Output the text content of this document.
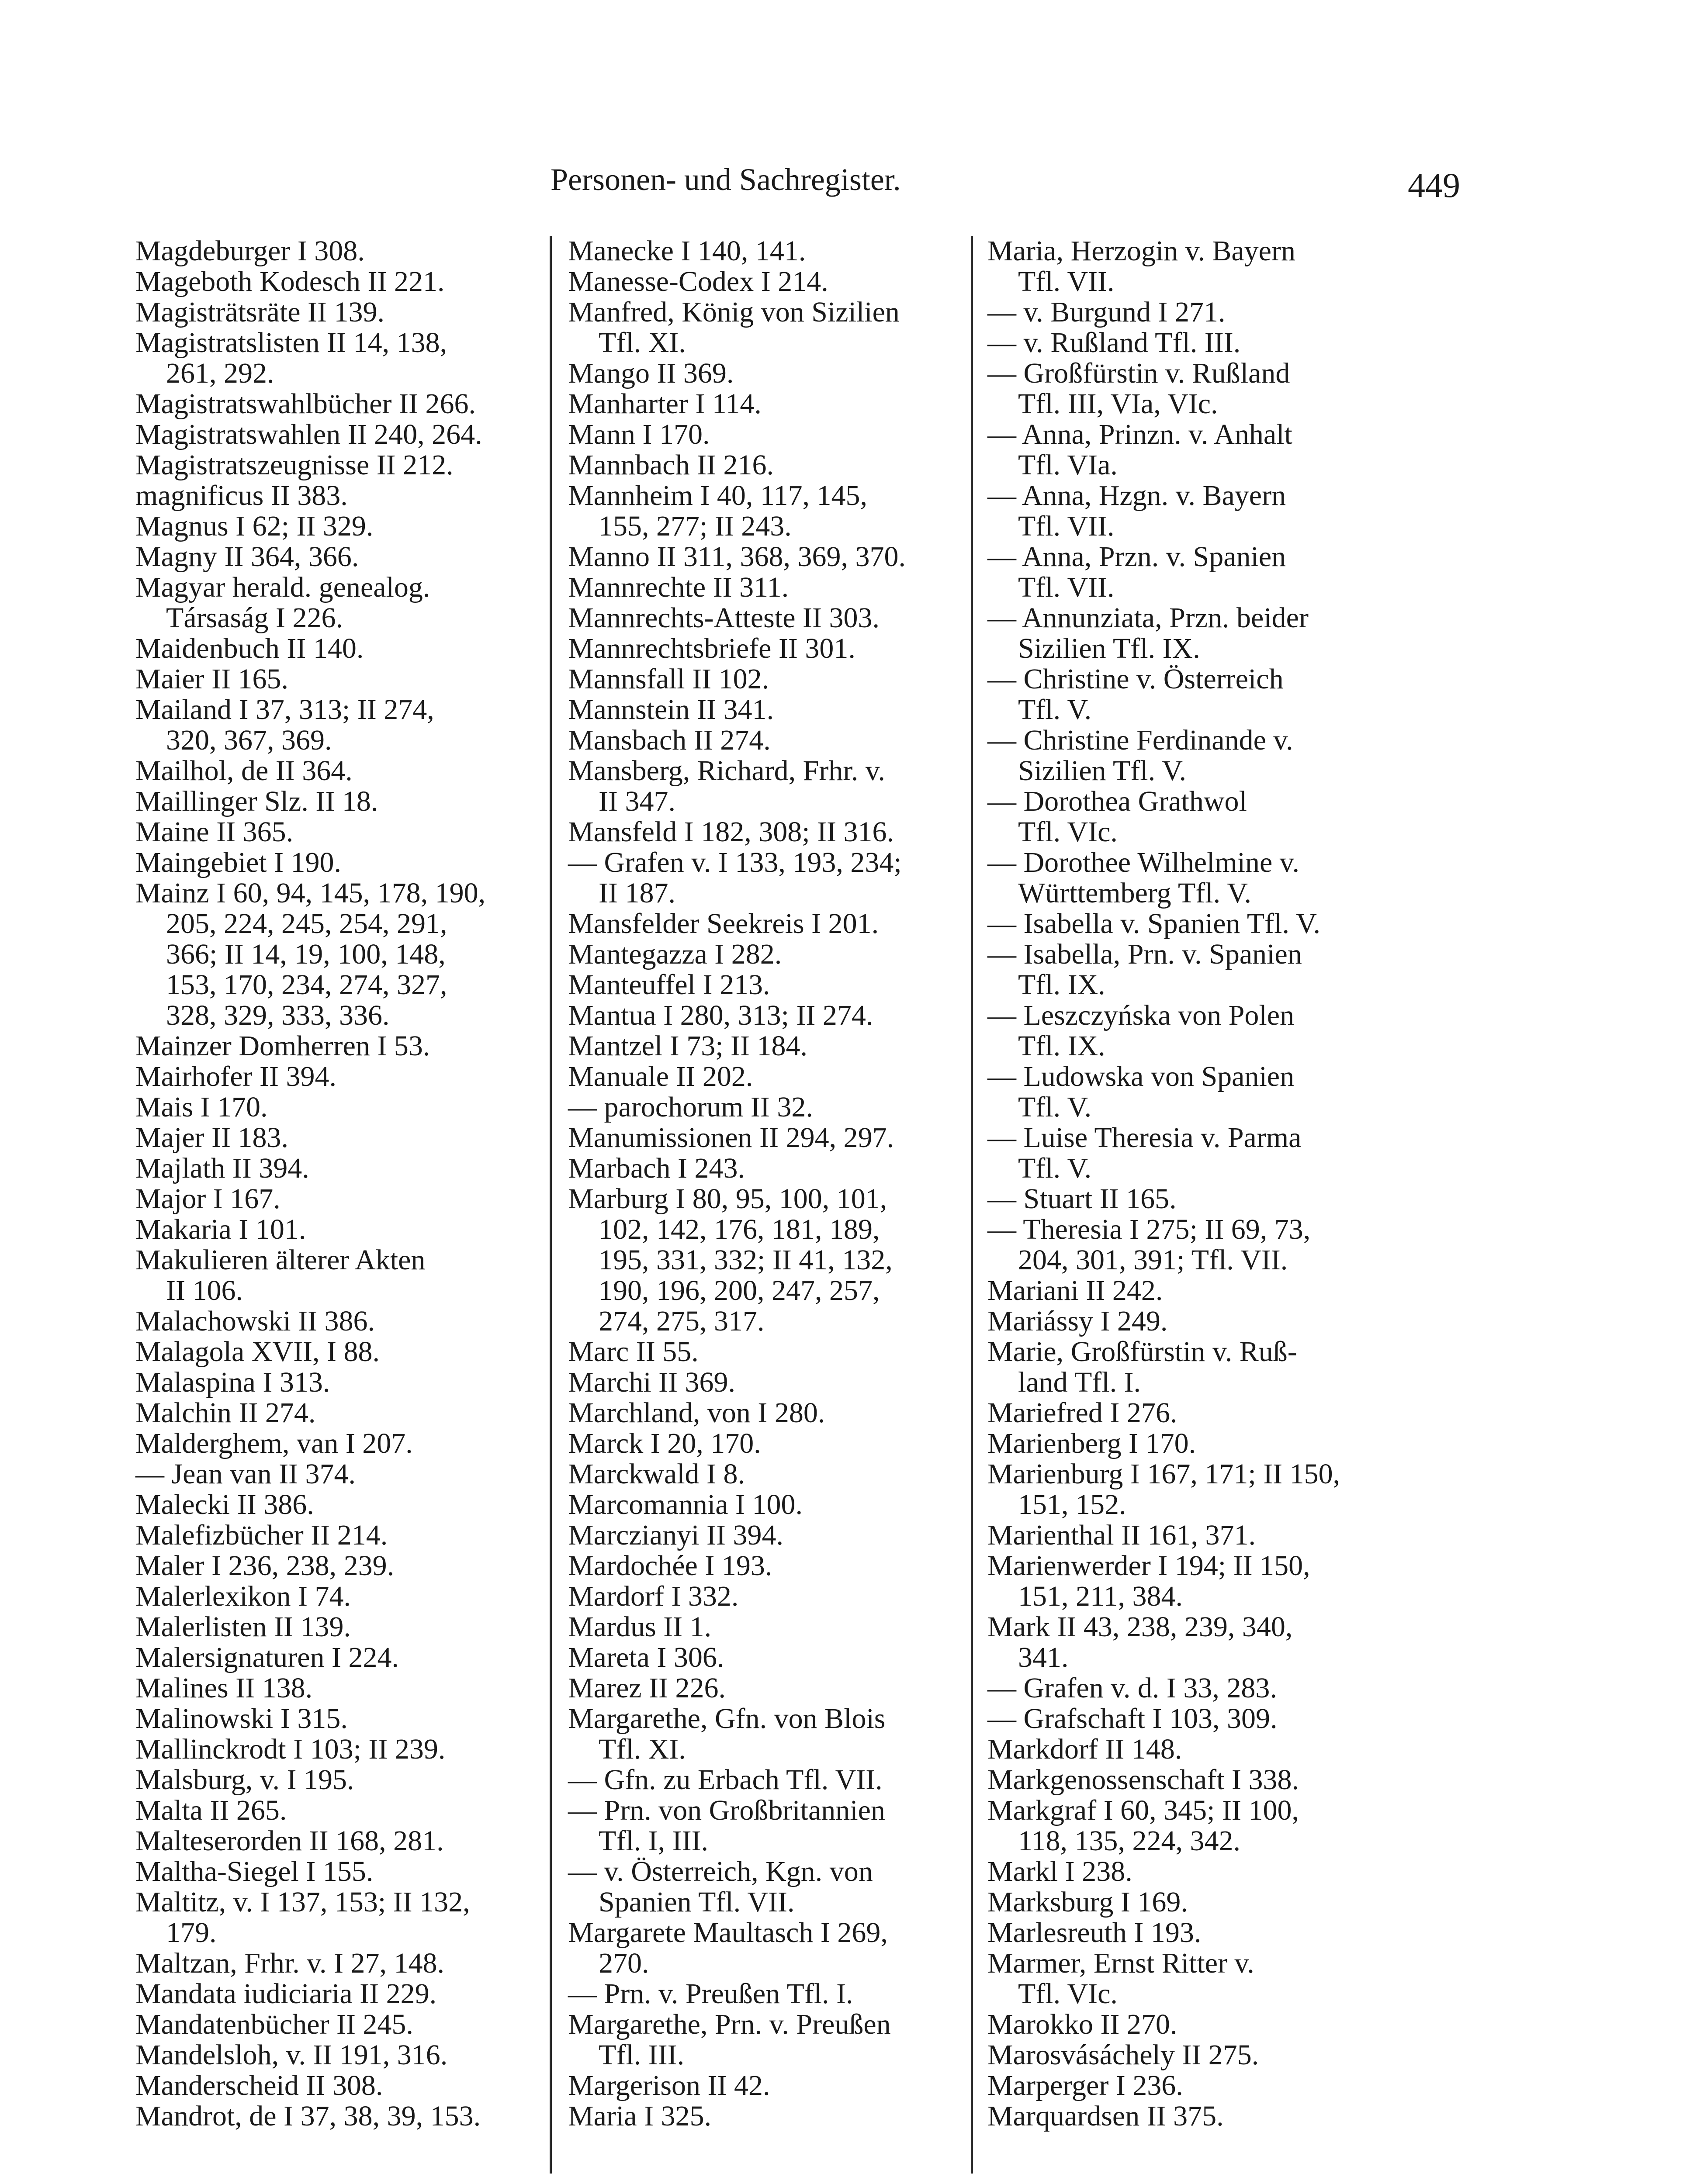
Personen- und Sachregister.	449
Magdeburger I 308.
Mageboth Kodesch II 221.
Magisträtsräte II 139.
Magistratslisten II 14, 138,
261, 292.
Magistratswahlbücher II 266.
Magistratswahlen II 240, 264.
Magistratszeugnisse II 212.
magnificus II 383.
Magnus I 62; II 329.
Magny II 364, 366.
Magyar herald. genealog.
Társaság I 226.
Maidenbuch II 140.
Maier II 165.
Mailand I 37, 313; II 274,
320, 367, 369.
Mailhol, de II 364.
Maillinger Slz. II 18.
Maine II 365.
Maingebiet I 190.
Mainz I 60, 94, 145, 178, 190,
205, 224, 245, 254, 291,
366; II 14, 19, 100, 148,
153, 170, 234, 274, 327,
328, 329, 333, 336.
Mainzer Domherren I 53.
Mairhofer II 394.
Mais I 170.
Majer II 183.
Majlath II 394.
Major I 167.
Makaria I 101.
Makulieren älterer Akten
II 106.
Malachowski II 386.
Malagola XVII, I 88.
Malaspina I 313.
Malchin II 274.
Malderghem, van I 207.
— Jean van II 374.
Malecki II 386.
Malefizbücher II 214.
Maler I 236, 238, 239.
Malerlexikon I 74.
Malerlisten II 139.
Malersignaturen I 224.
Malines II 138.
Malinowski I 315.
Mallinckrodt I 103; II 239.
Malsburg, v. I 195.
Malta II 265.
Malteserorden II 168, 281.
Maltha-Siegel I 155.
Maltitz, v. I 137, 153; II 132,
179.
Maltzan, Frhr. v. I 27, 148.
Mandata iudiciaria II 229.
Mandatenbücher II 245.
Mandelsloh, v. II 191, 316.
Manderscheid II 308.
Mandrot, de I 37, 38, 39, 153.
Manecke I 140, 141.
Manesse-Codex I 214.
Manfred, König von Sizilien
Tfl. XI.
Mango II 369.
Manharter I 114.
Mann I 170.
Mannbach II 216.
Mannheim I 40, 117, 145,
155, 277; II 243.
Manno II 311, 368, 369, 370.
Mannrechte II 311.
Mannrechts-Atteste II 303.
Mannrechtsbriefe II 301.
Mannsfall II 102.
Mannstein II 341.
Mansbach II 274.
Mansberg, Richard, Frhr. v.
II 347.
Mansfeld I 182, 308; II 316.
— Grafen v. I 133, 193, 234;
II 187.
Mansfelder Seekreis I 201.
Mantegazza I 282.
Manteuffel I 213.
Mantua I 280, 313; II 274.
Mantzel I 73; II 184.
Manuale II 202.
— parochorum II 32.
Manumissionen II 294, 297.
Marbach I 243.
Marburg I 80, 95, 100, 101,
102, 142, 176, 181, 189,
195, 331, 332; II 41, 132,
190, 196, 200, 247, 257,
274, 275, 317.
Marc II 55.
Marchi II 369.
Marchland, von I 280.
Marck I 20, 170.
Marckwald I 8.
Marcomannia I 100.
Marczianyi II 394.
Mardochée I 193.
Mardorf I 332.
Mardus II 1.
Mareta I 306.
Marez II 226.
Margarethe, Gfn. von Blois
Tfl. XI.
— Gfn. zu Erbach Tfl. VII.
— Prn. von Großbritannien
Tfl. I, III.
— v. Österreich, Kgn. von
Spanien Tfl. VII.
Margarete Maultasch I 269,
270.
— Prn. v. Preußen Tfl. I.
Margarethe, Prn. v. Preußen
Tfl. III.
Margerison II 42.
Maria I 325.
Maria, Herzogin v. Bayern
Tfl. VII.
— v. Burgund I 271.
— v. Rußland Tfl. III.
— Großfürstin v. Rußland
Tfl. III, VIa, VIc.
— Anna, Prinzn. v. Anhalt
Tfl. VIa.
— Anna, Hzgn. v. Bayern
Tfl. VII.
— Anna, Przn. v. Spanien
Tfl. VII.
— Annunziata, Przn. beider
Sizilien Tfl. IX.
— Christine v. Österreich
Tfl. V.
— Christine Ferdinande v.
Sizilien Tfl. V.
— Dorothea Grathwol
Tfl. VIc.
— Dorothee Wilhelmine v.
Württemberg Tfl. V.
— Isabella v. Spanien Tfl. V.
— Isabella, Prn. v. Spanien
Tfl. IX.
— Leszczyńska von Polen
Tfl. IX.
— Ludowska von Spanien
Tfl. V.
— Luise Theresia v. Parma
Tfl. V.
— Stuart II 165.
— Theresia I 275; II 69, 73,
204, 301, 391; Tfl. VII.
Mariani II 242.
Mariássy I 249.
Marie, Großfürstin v. Ruß-
land Tfl. I.
Mariefred I 276.
Marienberg I 170.
Marienburg I 167, 171; II 150,
151, 152.
Marienthal II 161, 371.
Marienwerder I 194; II 150,
151, 211, 384.
Mark II 43, 238, 239, 340,
341.
— Grafen v. d. I 33, 283.
— Grafschaft I 103, 309.
Markdorf II 148.
Markgenossenschaft I 338.
Markgraf I 60, 345; II 100,
118, 135, 224, 342.
Markl I 238.
Marksburg I 169.
Marlesreuth I 193.
Marmer, Ernst Ritter v.
Tfl. VIc.
Marokko II 270.
Marosvásáchely II 275.
Marperger I 236.
Marquardsen II 375.
